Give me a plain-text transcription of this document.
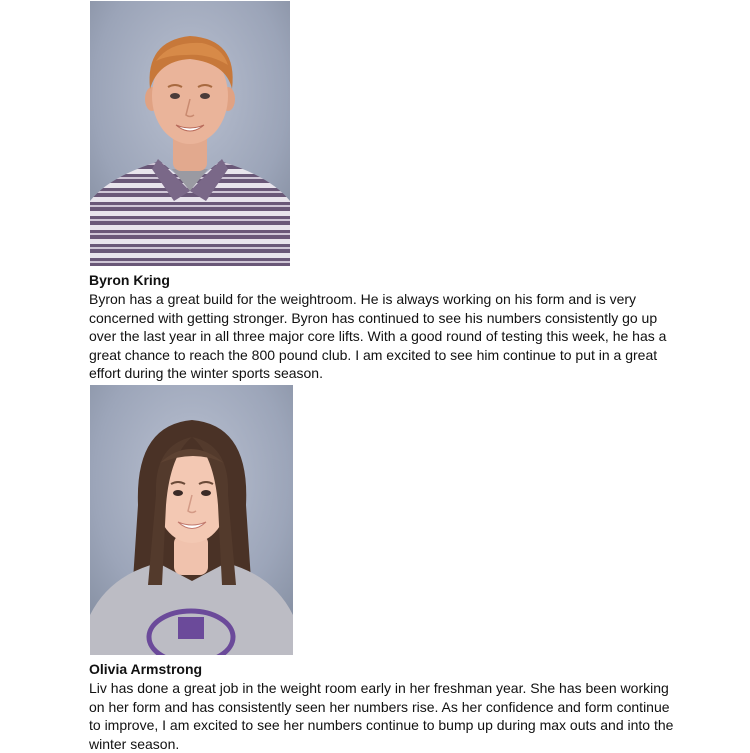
Byron Kring
Byron has a great build for the weightroom. He is always working on his form and is very
concerned with getting stronger. Byron has continued to see his numbers consistently go up
over the last year in all three major core lifts. With a good round of testing this week, he has a
great chance to reach the 800 pound club. I am excited to see him continue to put in a great
effort during the winter sports season.
Olivia Armstrong
Liv has done a great job in the weight room early in her freshman year. She has been working
on her form and has consistently seen her numbers rise. As her confidence and form continue
to improve, I am excited to see her numbers continue to bump up during max outs and into the
winter season.
